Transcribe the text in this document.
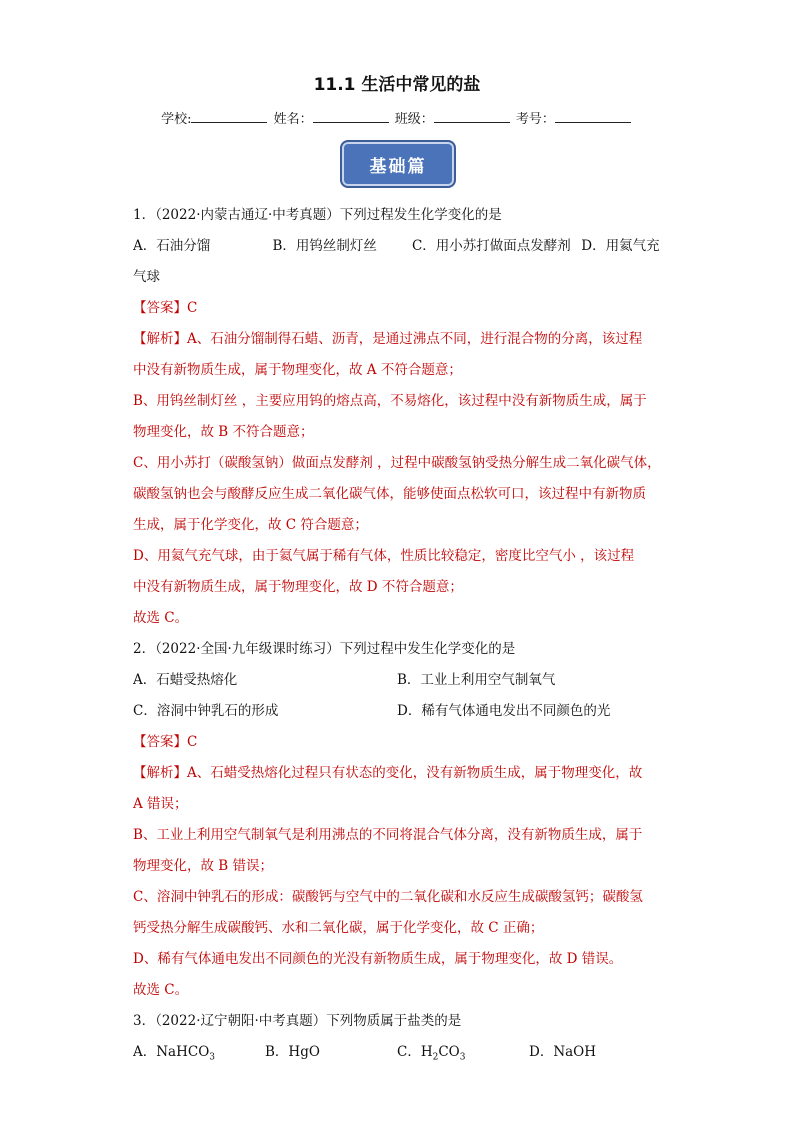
11.1 生活中常见的盐
学校:	姓名：	班级：	考号：
基础篇
1．（2022·内蒙古通辽·中考真题）下列过程发生化学变化的是
A．石油分馏	B．用钨丝制灯丝	C．用小苏打做面点发酵剂 D．用氦气充
气球
【答案】C
【解析】A、石油分馏制得石蜡、沥青，是通过沸点不同，进行混合物的分离，该过程
中没有新物质生成，属于物理变化，故 A 不符合题意；
B、用钨丝制灯丝 ，主要应用钨的熔点高，不易熔化，该过程中没有新物质生成，属于
物理变化，故 B 不符合题意；
C、用小苏打（碳酸氢钠）做面点发酵剂 ，过程中碳酸氢钠受热分解生成二氧化碳气体，
碳酸氢钠也会与酸酵反应生成二氧化碳气体，能够使面点松软可口，该过程中有新物质
生成，属于化学变化，故 C 符合题意；
D、用氦气充气球，由于氦气属于稀有气体，性质比较稳定，密度比空气小 ，该过程
中没有新物质生成，属于物理变化，故 D 不符合题意；
故选 C。
2．（2022·全国·九年级课时练习）下列过程中发生化学变化的是
A．石蜡受热熔化	B．工业上利用空气制氧气
C．溶洞中钟乳石的形成	D．稀有气体通电发出不同颜色的光
【答案】C
【解析】A、石蜡受热熔化过程只有状态的变化，没有新物质生成，属于物理变化，故
A 错误；
B、工业上利用空气制氧气是利用沸点的不同将混合气体分离，没有新物质生成，属于
物理变化，故 B 错误；
C、溶洞中钟乳石的形成：碳酸钙与空气中的二氧化碳和水反应生成碳酸氢钙；碳酸氢
钙受热分解生成碳酸钙、水和二氧化碳，属于化学变化，故 C 正确；
D、稀有气体通电发出不同颜色的光没有新物质生成，属于物理变化，故 D 错误。
故选 C。
3．（2022·辽宁朝阳·中考真题）下列物质属于盐类的是
A．NaHCO$_3$	B．HgO	C．$H_2CO_3$	D．NaOH
